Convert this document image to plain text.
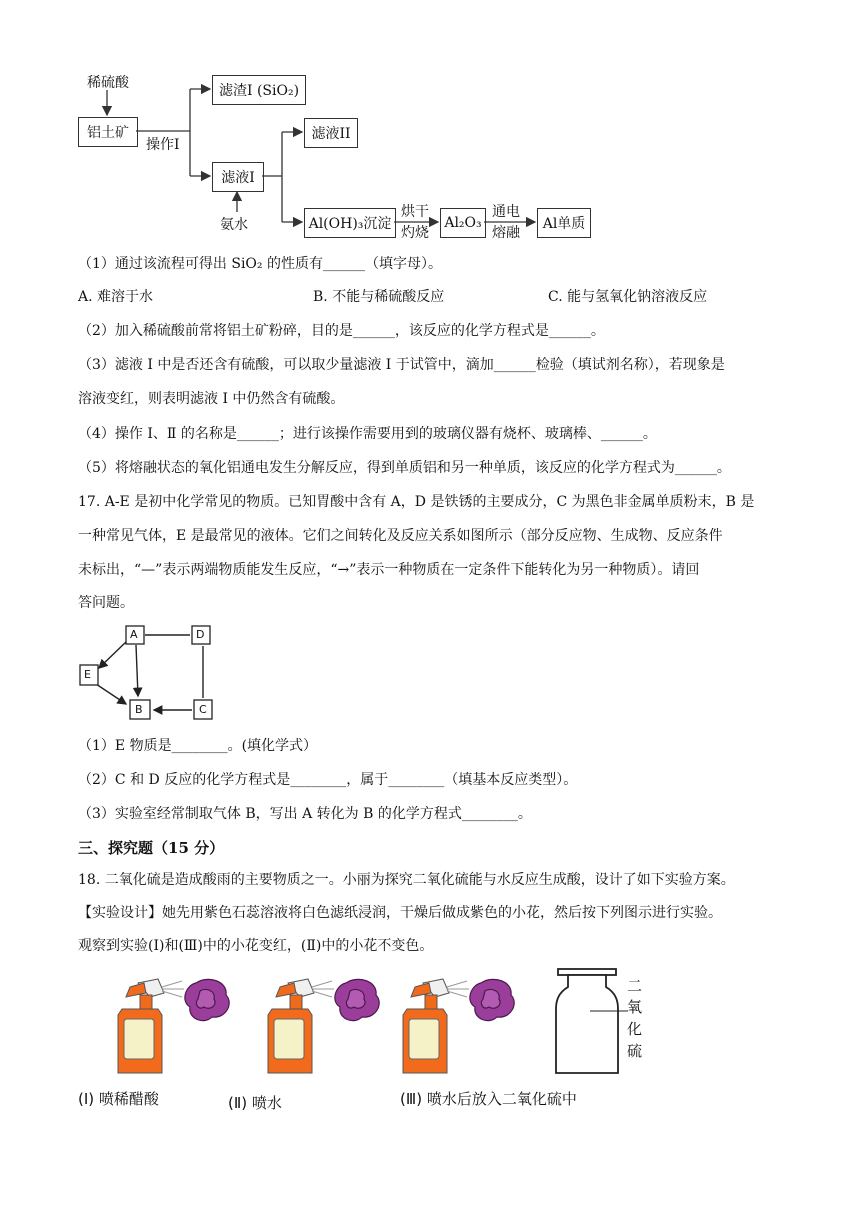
稀硫酸
铝土矿
操作I
滤渣I (SiO₂)
滤液I
氨水
滤液II
Al(OH)₃沉淀
烘干
灼烧
Al₂O₃
通电
熔融
Al单质
（1）通过该流程可得出 SiO₂ 的性质有______（填字母）。
A. 难溶于水	B. 不能与稀硫酸反应	C. 能与氢氧化钠溶液反应
（2）加入稀硫酸前常将铝土矿粉碎，目的是______，该反应的化学方程式是______。
（3）滤液 I 中是否还含有硫酸，可以取少量滤液 I 于试管中，滴加______检验（填试剂名称），若现象是
溶液变红，则表明滤液 I 中仍然含有硫酸。
（4）操作 Ⅰ、Ⅱ 的名称是______；进行该操作需要用到的玻璃仪器有烧杯、玻璃棒、______。
（5）将熔融状态的氧化铝通电发生分解反应，得到单质铝和另一种单质，该反应的化学方程式为______。
17. A-E 是初中化学常见的物质。已知胃酸中含有 A，D 是铁锈的主要成分，C 为黑色非金属单质粉末，B 是
一种常见气体，E 是最常见的液体。它们之间转化及反应关系如图所示（部分反应物、生成物、反应条件
未标出，“—”表示两端物质能发生反应，“→”表示一种物质在一定条件下能转化为另一种物质）。请回
答问题。
A	D
E
B	C
（1）E 物质是________。(填化学式）
（2）C 和 D 反应的化学方程式是________，属于________（填基本反应类型）。
（3）实验室经常制取气体 B，写出 A 转化为 B 的化学方程式________。
三、探究题（15 分）
18. 二氧化硫是造成酸雨的主要物质之一。小丽为探究二氧化硫能与水反应生成酸，设计了如下实验方案。
【实验设计】她先用紫色石蕊溶液将白色滤纸浸润，干燥后做成紫色的小花，然后按下列图示进行实验。
观察到实验(Ⅰ)和(Ⅲ)中的小花变红，(Ⅱ)中的小花不变色。
二
氧
化
硫
(Ⅰ) 喷稀醋酸	(Ⅱ) 喷水	(Ⅲ) 喷水后放入二氧化硫中
